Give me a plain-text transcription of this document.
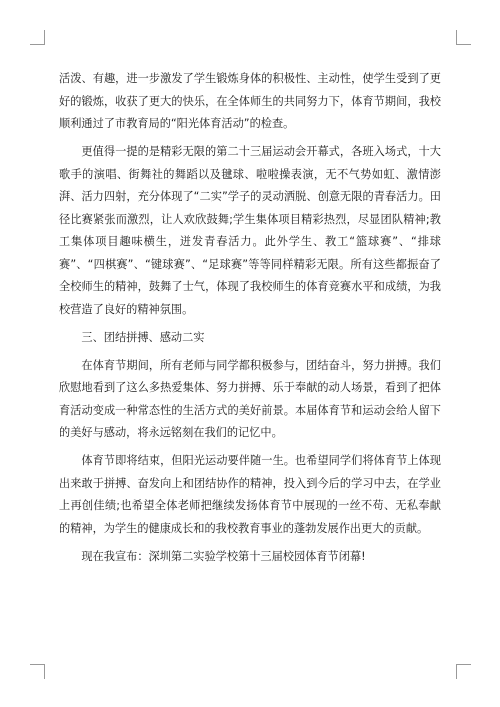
活泼、有趣，进一步激发了学生锻炼身体的积极性、主动性，使学生受到了更好的锻炼，收获了更大的快乐，在全体师生的共同努力下，体育节期间，我校顺利通过了市教育局的“阳光体育活动”的检查。

更值得一提的是精彩无限的第二十三届运动会开幕式，各班入场式，十大歌手的演唱、街舞社的舞蹈以及毽球、啦啦操表演，无不气势如虹、激情澎湃、活力四射，充分体现了“二实”学子的灵动洒脱、创意无限的青春活力。田径比赛紧张而激烈，让人欢欣鼓舞;学生集体项目精彩热烈，尽显团队精神;教工集体项目趣味横生，迸发青春活力。此外学生、教工“篮球赛”、“排球赛”、“四棋赛”、“键球赛”、“足球赛”等等同样精彩无限。所有这些都振奋了全校师生的精神，鼓舞了士气，体现了我校师生的体育竞赛水平和成绩，为我校营造了良好的精神氛围。

三、团结拼搏、感动二实

在体育节期间，所有老师与同学都积极参与，团结奋斗，努力拼搏。我们欣慰地看到了这么多热爱集体、努力拼搏、乐于奉献的动人场景，看到了把体育活动变成一种常态性的生活方式的美好前景。本届体育节和运动会给人留下的美好与感动，将永远铭刻在我们的记忆中。

体育节即将结束，但阳光运动要伴随一生。也希望同学们将体育节上体现出来敢于拼搏、奋发向上和团结协作的精神，投入到今后的学习中去，在学业上再创佳绩;也希望全体老师把继续发扬体育节中展现的一丝不苟、无私奉献的精神，为学生的健康成长和的我校教育事业的蓬勃发展作出更大的贡献。

现在我宣布：深圳第二实验学校第十三届校园体育节闭幕!
